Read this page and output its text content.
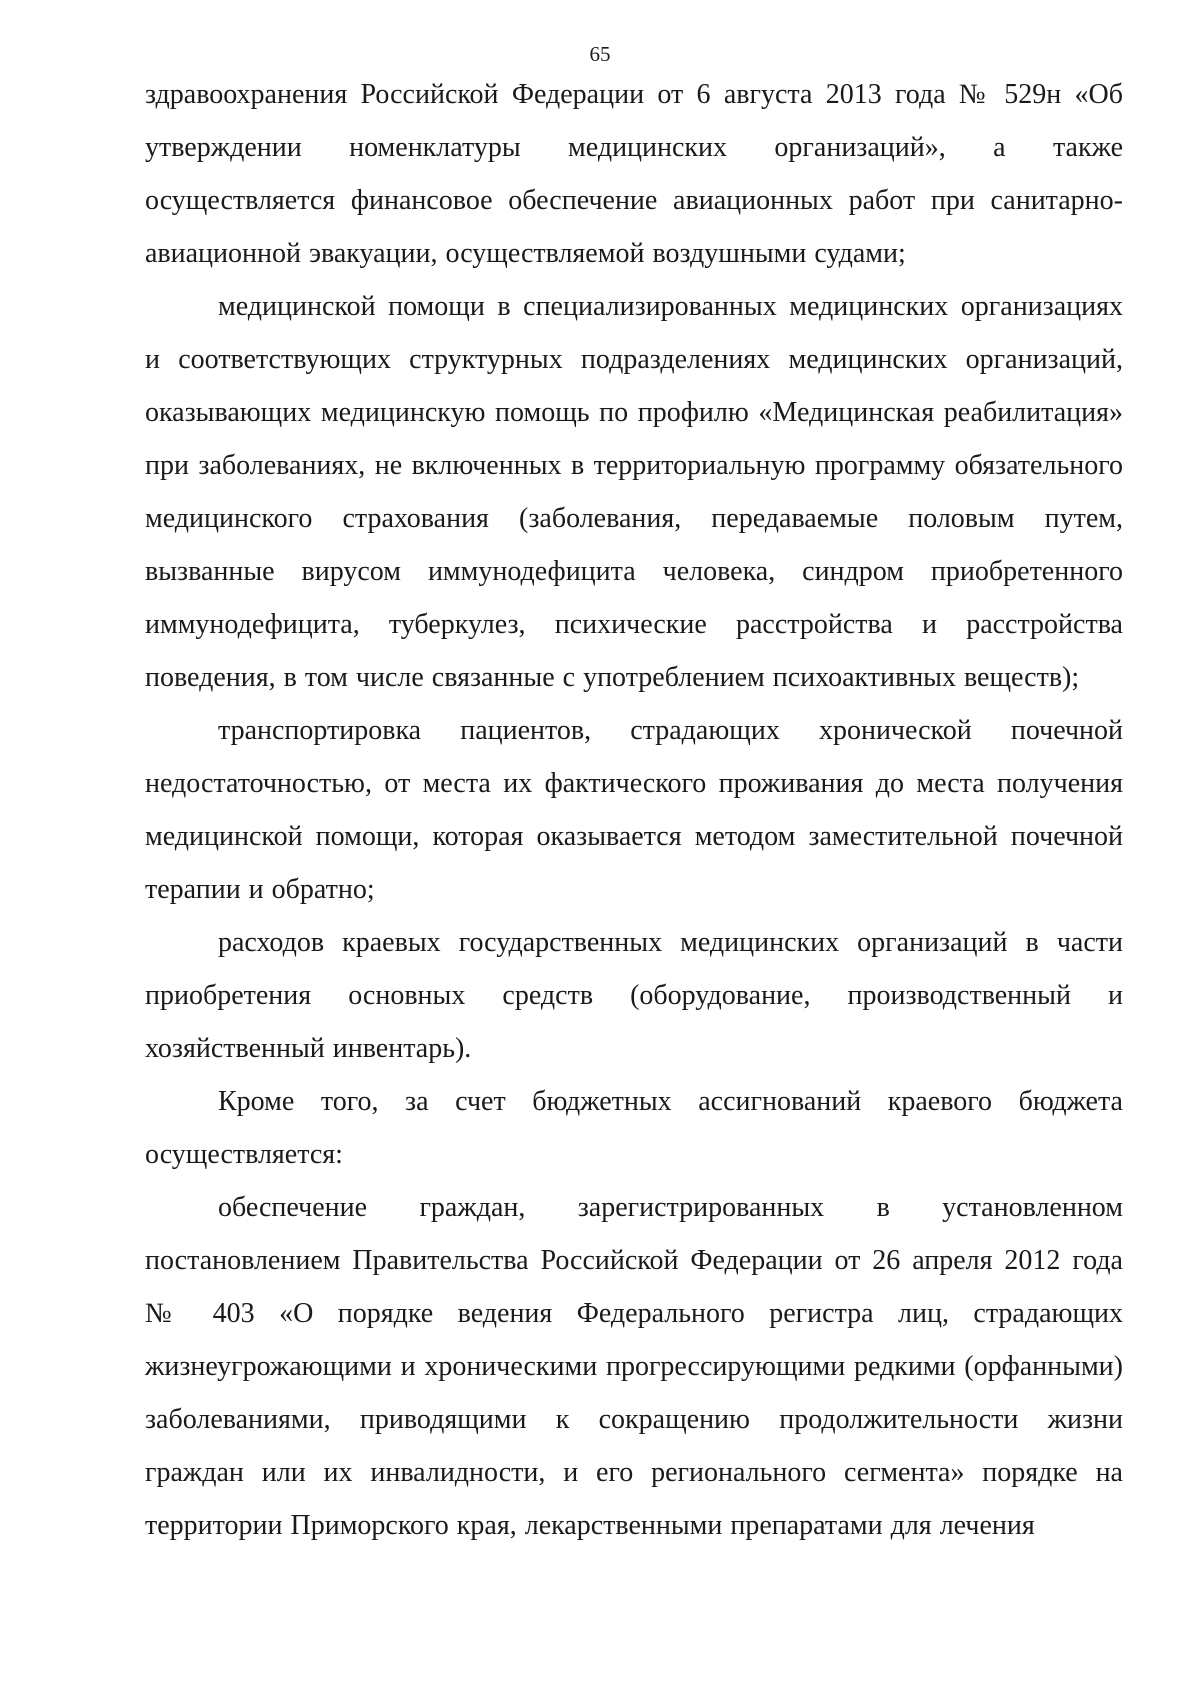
65

здравоохранения Российской Федерации от 6 августа 2013 года № 529н «Об утверждении номенклатуры медицинских организаций», а также осуществляется финансовое обеспечение авиационных работ при санитарно-авиационной эвакуации, осуществляемой воздушными судами;

медицинской помощи в специализированных медицинских организациях и соответствующих структурных подразделениях медицинских организаций, оказывающих медицинскую помощь по профилю «Медицинская реабилитация» при заболеваниях, не включенных в территориальную программу обязательного медицинского страхования (заболевания, передаваемые половым путем, вызванные вирусом иммунодефицита человека, синдром приобретенного иммунодефицита, туберкулез, психические расстройства и расстройства поведения, в том числе связанные с употреблением психоактивных веществ);

транспортировка пациентов, страдающих хронической почечной недостаточностью, от места их фактического проживания до места получения медицинской помощи, которая оказывается методом заместительной почечной терапии и обратно;

расходов краевых государственных медицинских организаций в части приобретения основных средств (оборудование, производственный и хозяйственный инвентарь).

Кроме того, за счет бюджетных ассигнований краевого бюджета осуществляется:

обеспечение граждан, зарегистрированных в установленном постановлением Правительства Российской Федерации от 26 апреля 2012 года № 403 «О порядке ведения Федерального регистра лиц, страдающих жизнеугрожающими и хроническими прогрессирующими редкими (орфанными) заболеваниями, приводящими к сокращению продолжительности жизни граждан или их инвалидности, и его регионального сегмента» порядке на территории Приморского края, лекарственными препаратами для лечения
